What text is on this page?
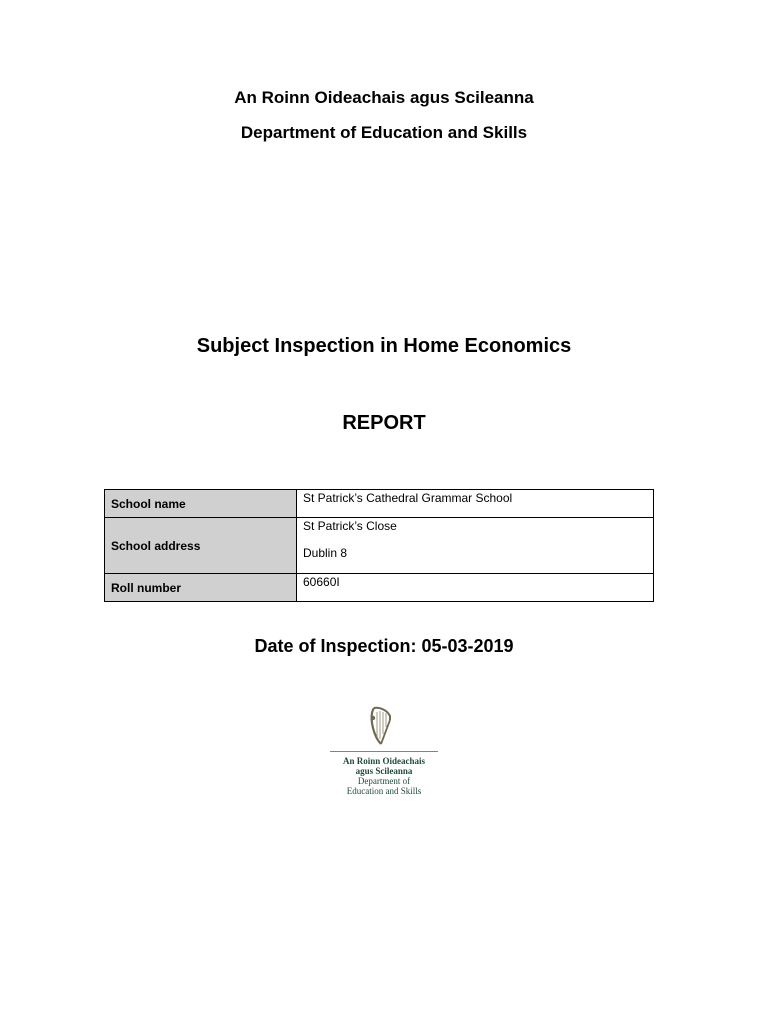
An Roinn Oideachais agus Scileanna
Department of Education and Skills
Subject Inspection in Home Economics
REPORT
School name	St Patrick’s Cathedral Grammar School
School address	St Patrick’s Close
Dublin 8

Roll number	60660I
Date of Inspection: 05-03-2019
An Roinn Oideachais
agus Scileanna
Department of
Education and Skills
